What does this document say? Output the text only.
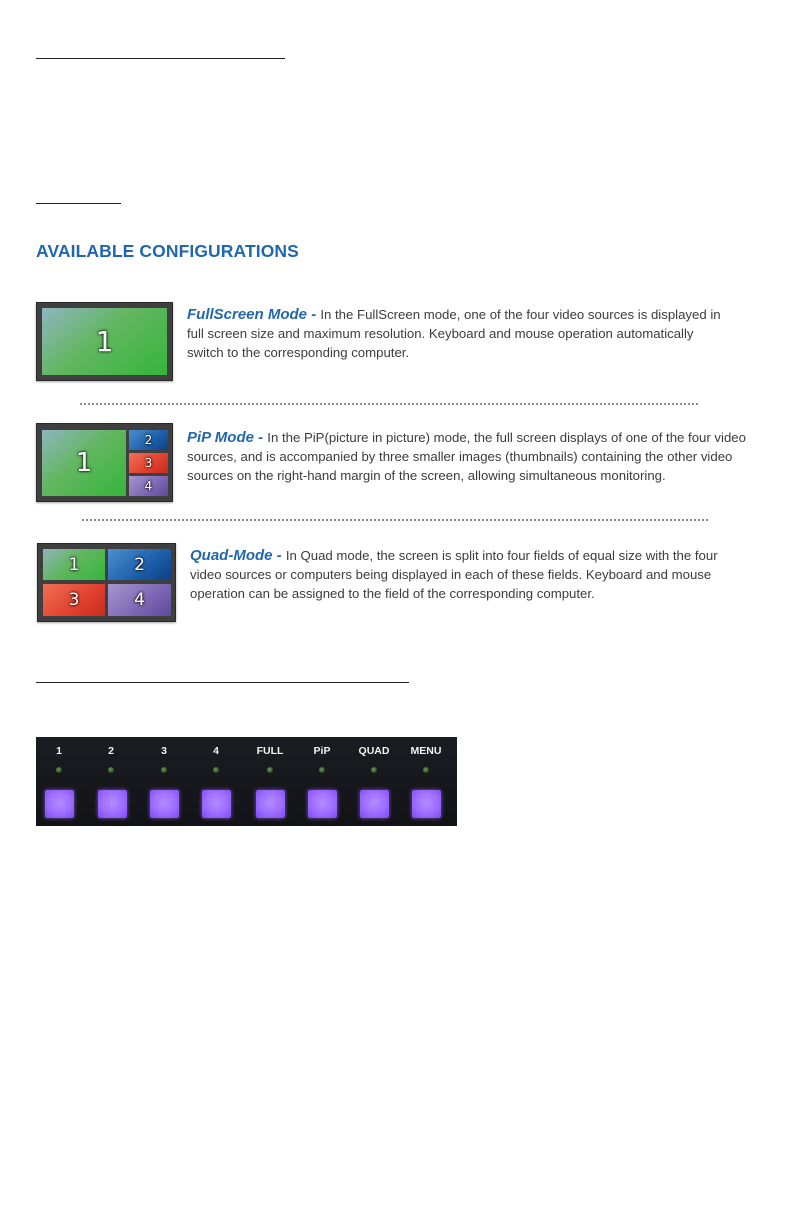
AVAILABLE CONFIGURATIONS
1
FullScreen Mode - In the FullScreen mode, one of the four video sources is displayed in full screen size and maximum resolution. Keyboard and mouse operation automatically switch to the corresponding computer.
1
2
3
4
PiP Mode - In the PiP(picture in picture) mode, the full screen displays of one of the four video sources, and is accompanied by three smaller images (thumbnails) containing the other video sources on the right-hand margin of the screen, allowing simultaneous monitoring.
1	2
3	4
Quad-Mode - In Quad mode, the screen is split into four fields of equal size with the four video sources or computers being displayed in each of these fields. Keyboard and mouse operation can be assigned to the field of the corresponding computer.
1	2	3	4	FULL	PiP	QUAD	MENU
